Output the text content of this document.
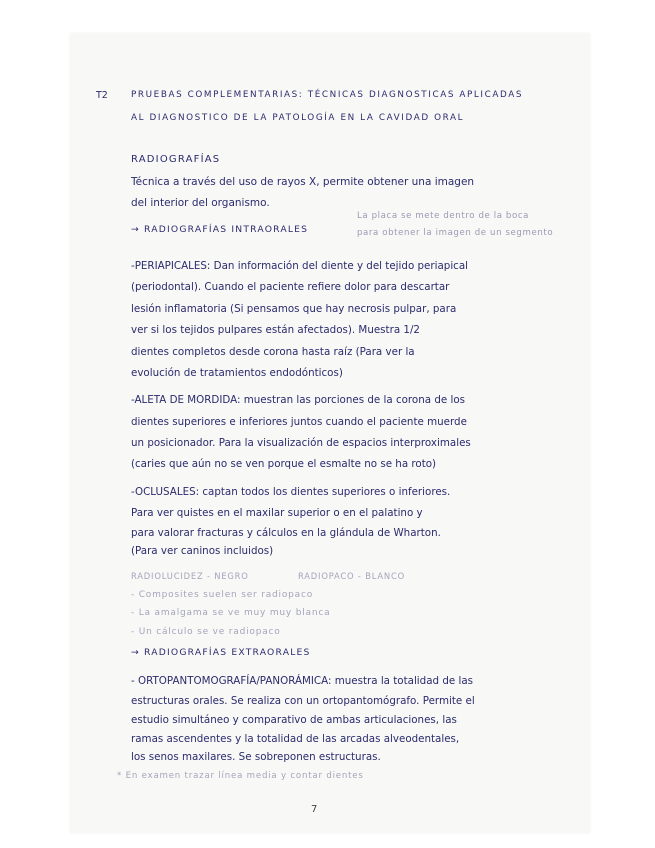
T2	PRUEBAS COMPLEMENTARIAS: TÉCNICAS DIAGNOSTICAS APLICADAS
AL DIAGNOSTICO DE LA PATOLOGÍA EN LA CAVIDAD ORAL
RADIOGRAFÍAS
Técnica a través del uso de rayos X, permite obtener una imagen
del interior del organismo.
→ RADIOGRAFÍAS INTRAORALES
La placa se mete dentro de la boca
para obtener la imagen de un segmento
-PERIAPICALES: Dan información del diente y del tejido periapical
(periodontal). Cuando el paciente refiere dolor para descartar
lesión inflamatoria (Si pensamos que hay necrosis pulpar, para
ver si los tejidos pulpares están afectados). Muestra 1/2
dientes completos desde corona hasta raíz (Para ver la
evolución de tratamientos endodónticos)
-ALETA DE MORDIDA: muestran las porciones de la corona de los
dientes superiores e inferiores juntos cuando el paciente muerde
un posicionador. Para la visualización de espacios interproximales
(caries que aún no se ven porque el esmalte no se ha roto)
-OCLUSALES: captan todos los dientes superiores o inferiores.
Para ver quistes en el maxilar superior o en el palatino y
para valorar fracturas y cálculos en la glándula de Wharton.
(Para ver caninos incluidos)
RADIOLUCIDEZ - NEGRO	RADIOPACO - BLANCO
- Composites suelen ser radiopaco
- La amalgama se ve muy muy blanca
- Un cálculo se ve radiopaco
→ RADIOGRAFÍAS EXTRAORALES
- ORTOPANTOMOGRAFÍA/PANORÁMICA: muestra la totalidad de las
estructuras orales. Se realiza con un ortopantomógrafo. Permite el
estudio simultáneo y comparativo de ambas articulaciones, las
ramas ascendentes y la totalidad de las arcadas alveodentales,
los senos maxilares. Se sobreponen estructuras.
* En examen trazar línea media y contar dientes
7
